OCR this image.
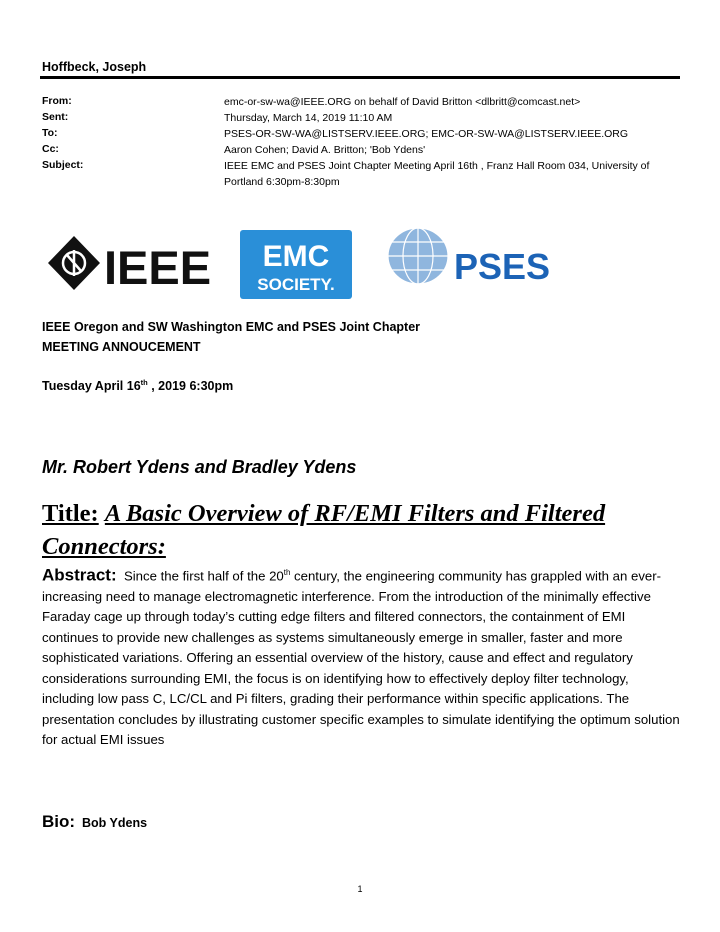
Hoffbeck, Joseph
From:	emc-or-sw-wa@IEEE.ORG on behalf of David Britton <dlbritt@comcast.net>
Sent:	Thursday, March 14, 2019 11:10 AM
To:	PSES-OR-SW-WA@LISTSERV.IEEE.ORG; EMC-OR-SW-WA@LISTSERV.IEEE.ORG
Cc:	Aaron Cohen; David A. Britton; 'Bob Ydens'
Subject:	IEEE EMC and PSES Joint Chapter Meeting April 16th , Franz Hall Room 034, University of Portland 6:30pm-8:30pm
IEEE EMC
SOCIETY.	PSES
IEEE Oregon and SW Washington EMC and PSES Joint Chapter
MEETING ANNOUCEMENT
Tuesday April 16th , 2019 6:30pm
Mr. Robert Ydens and Bradley Ydens
Title: A Basic Overview of RF/EMI Filters and Filtered Connectors:
Abstract: Since the first half of the 20th century, the engineering community has grappled with an ever-increasing need to manage electromagnetic interference. From the introduction of the minimally effective Faraday cage up through today’s cutting edge filters and filtered connectors, the containment of EMI continues to provide new challenges as systems simultaneously emerge in smaller, faster and more sophisticated variations. Offering an essential overview of the history, cause and effect and regulatory considerations surrounding EMI, the focus is on identifying how to effectively deploy filter technology, including low pass C, LC/CL and Pi filters, grading their performance within specific applications. The presentation concludes by illustrating customer specific examples to simulate identifying the optimum solution for actual EMI issues
Bio: Bob Ydens
1
